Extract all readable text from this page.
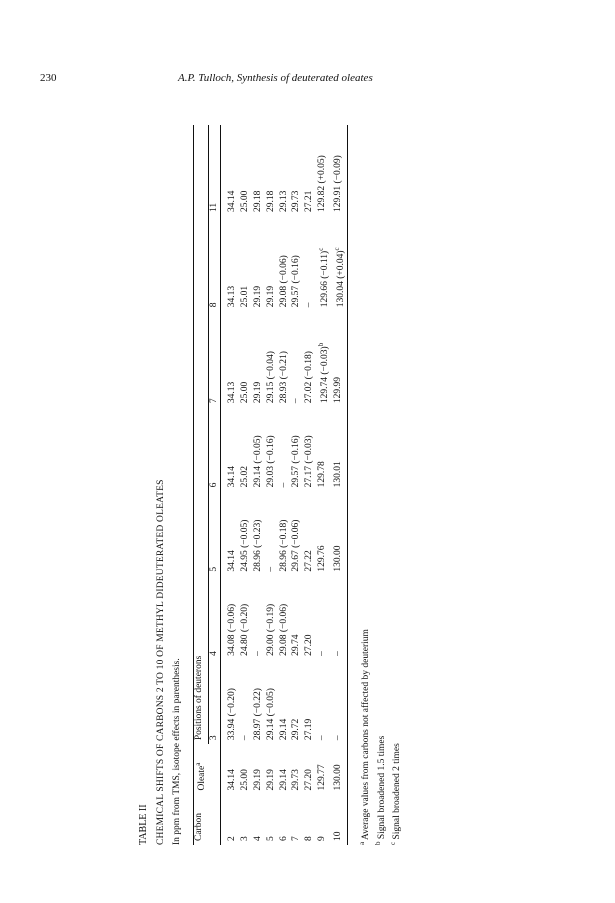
230	A.P. Tulloch, Synthesis of deuterated oleates
TABLE II CHEMICAL SHIFTS OF CARBONS 2 TO 10 OF METHYL DIDEUTERATED OLEATES In ppm from TMS, isotope effects in parenthesis. Carbon	Oleate$^a$	Positions of deuterons						
		3	4	5	6	7	8	11

2	34.14	33.94 (−0.20)	34.08 (−0.06)	34.14	34.14	34.13	34.13	34.14
3	25.00	–	24.80 (−0.20)	24.95 (−0.05)	25.02	25.00	25.01	25.00
4	29.19	28.97 (−0.22)	–	28.96 (−0.23)	29.14 (−0.05)	29.19	29.19	29.18
5	29.19	29.14 (−0.05)	29.00 (−0.19)	–	29.03 (−0.16)	29.15 (−0.04)	29.19	29.18
6	29.14	29.14	29.08 (−0.06)	28.96 (−0.18)	–	28.93 (−0.21)	29.08 (−0.06)	29.13
7	29.73	29.72	29.74	29.67 (−0.06)	29.57 (−0.16)	–	29.57 (−0.16)	29.73
8	27.20	27.19	27.20	27.22	27.17 (−0.03)	27.02 (−0.18)	–	27.21
9	129.77	–	–	129.76	129.78	129.74 $(-0.03)^b$	129.66 $(-0.11)^c$	129.82 (+0.05)
10	130.00	–	–	130.00	130.01	129.99	130.04 $(+0.04)^c$	129.91 (−0.09)

$^a$ Average values from carbons not affected by deuterium
$^b$ Signal broadened 1.5 times
$^c$ Signal broadened 2 times
